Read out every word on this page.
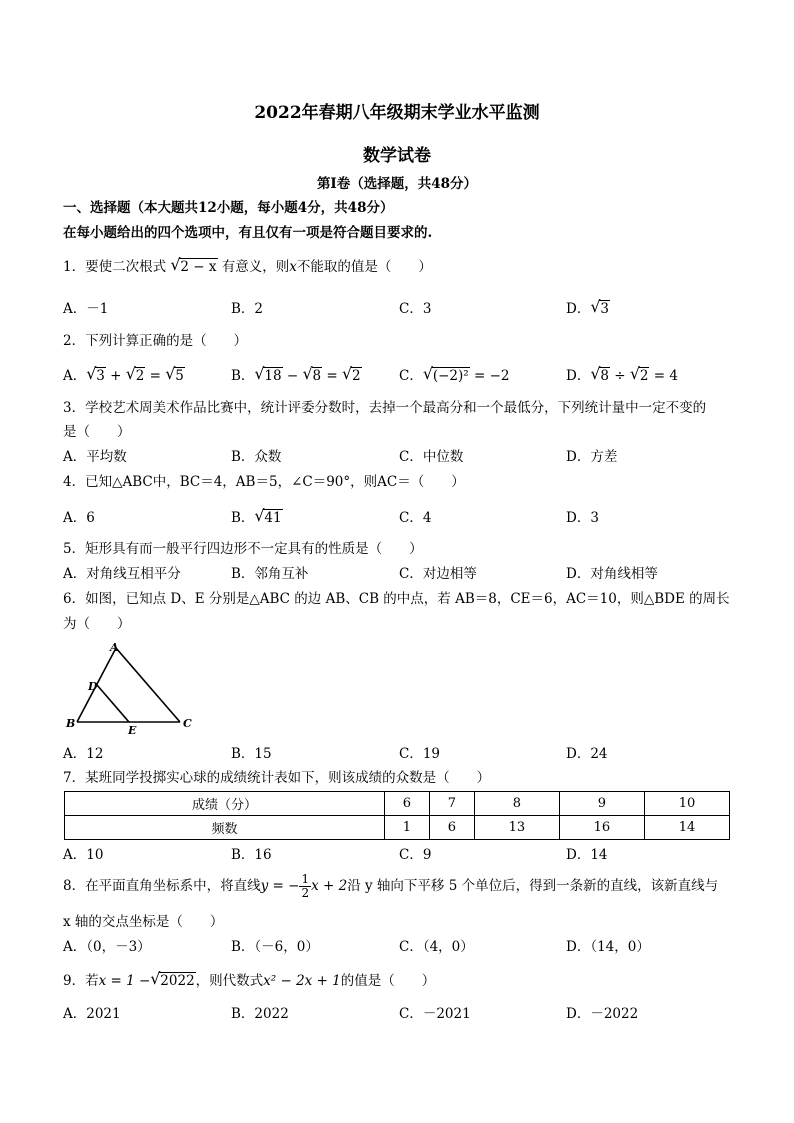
2022年春期八年级期末学业水平监测
数学试卷
第Ⅰ卷（选择题，共48分）
一、选择题（本大题共12小题，每小题4分，共48分）
在每小题给出的四个选项中，有且仅有一项是符合题目要求的.
1．要使二次根式 √ 2 − x 有意义，则x不能取的值是（　　）
A．－1	B．2	C．3	D． √ 3
2．下列计算正确的是（　　）
A． √ 3 + √ 2 = √ 5	B． √ 18 − √ 8 = √ 2	C． √ (−2)² = −2	D． √ 8 ÷ √ 2 = 4
3．学校艺术周美术作品比赛中，统计评委分数时，去掉一个最高分和一个最低分，下列统计量中一定不变的
是（　　）
A．平均数	B．众数	C．中位数	D．方差
4．已知△ABC中，BC＝4，AB＝5，∠C＝90°，则AC＝（　　）
A．6	B． √ 41	C．4	D．3
5．矩形具有而一般平行四边形不一定具有的性质是（　　）
A．对角线互相平分	B．邻角互补	C．对边相等	D．对角线相等
6．如图，已知点 D、E 分别是△ABC 的边 AB、CB 的中点，若 AB＝8，CE＝6，AC＝10，则△BDE 的周长
为（　　）
A
D
B
E
C
A．12	B．15	C．19	D．24
7．某班同学投掷实心球的成绩统计表如下，则该成绩的众数是（　　）
成绩（分）	6	7	8	9	10
频数	1	6	13	16	14
A．10	B．16	C．9	D．14
8．在平面直角坐标系中，将直线y = − $\frac{1}{2}$ x + 2沿 y 轴向下平移 5 个单位后，得到一条新的直线，该新直线与
x 轴的交点坐标是（　　）
A．（0，－3）	B．（－6，0）	C．（4，0）	D．（14，0）
9．若x = 1 − √ 2022，则代数式x² − 2x + 1的值是（　　）
A．2021	B．2022	C．－2021	D．－2022
